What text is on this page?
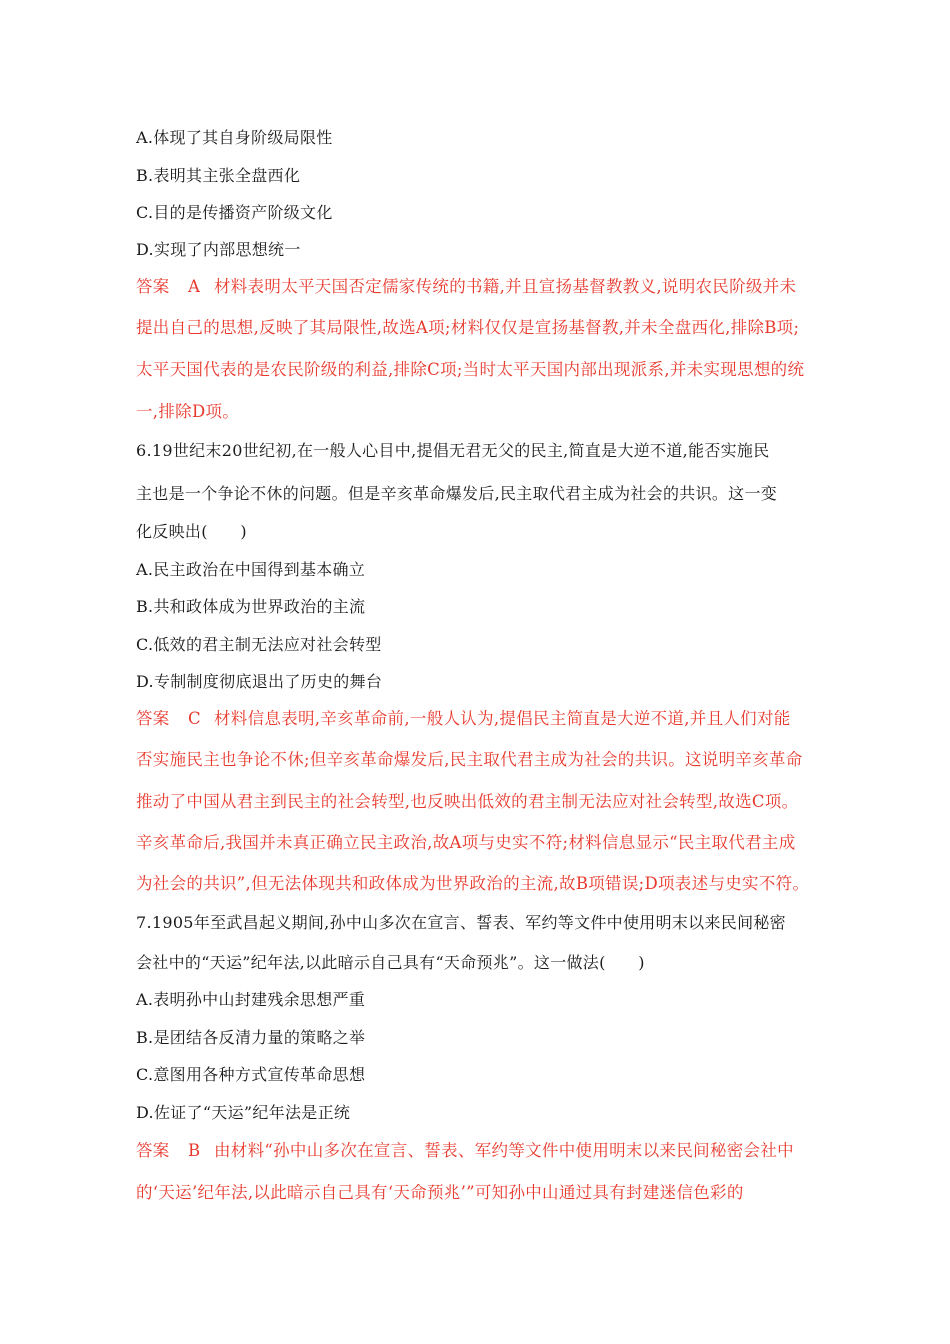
A.体现了其自身阶级局限性
B.表明其主张全盘西化
C.目的是传播资产阶级文化
D.实现了内部思想统一
答案 A 材料表明太平天国否定儒家传统的书籍,并且宣扬基督教教义,说明农民阶级并未
提出自己的思想,反映了其局限性,故选A项;材料仅仅是宣扬基督教,并未全盘西化,排除B项;
太平天国代表的是农民阶级的利益,排除C项;当时太平天国内部出现派系,并未实现思想的统
一,排除D项。
6.19世纪末20世纪初,在一般人心目中,提倡无君无父的民主,简直是大逆不道,能否实施民
主也是一个争论不休的问题。但是辛亥革命爆发后,民主取代君主成为社会的共识。这一变
化反映出(　　)
A.民主政治在中国得到基本确立
B.共和政体成为世界政治的主流
C.低效的君主制无法应对社会转型
D.专制制度彻底退出了历史的舞台
答案 C 材料信息表明,辛亥革命前,一般人认为,提倡民主简直是大逆不道,并且人们对能
否实施民主也争论不休;但辛亥革命爆发后,民主取代君主成为社会的共识。这说明辛亥革命
推动了中国从君主到民主的社会转型,也反映出低效的君主制无法应对社会转型,故选C项。
辛亥革命后,我国并未真正确立民主政治,故A项与史实不符;材料信息显示“民主取代君主成
为社会的共识”,但无法体现共和政体成为世界政治的主流,故B项错误;D项表述与史实不符。
7.1905年至武昌起义期间,孙中山多次在宣言、誓表、军约等文件中使用明末以来民间秘密
会社中的“天运”纪年法,以此暗示自己具有“天命预兆”。这一做法(　　)
A.表明孙中山封建残余思想严重
B.是团结各反清力量的策略之举
C.意图用各种方式宣传革命思想
D.佐证了“天运”纪年法是正统
答案 B 由材料“孙中山多次在宣言、誓表、军约等文件中使用明末以来民间秘密会社中
的‘天运’纪年法,以此暗示自己具有‘天命预兆’”可知孙中山通过具有封建迷信色彩的
